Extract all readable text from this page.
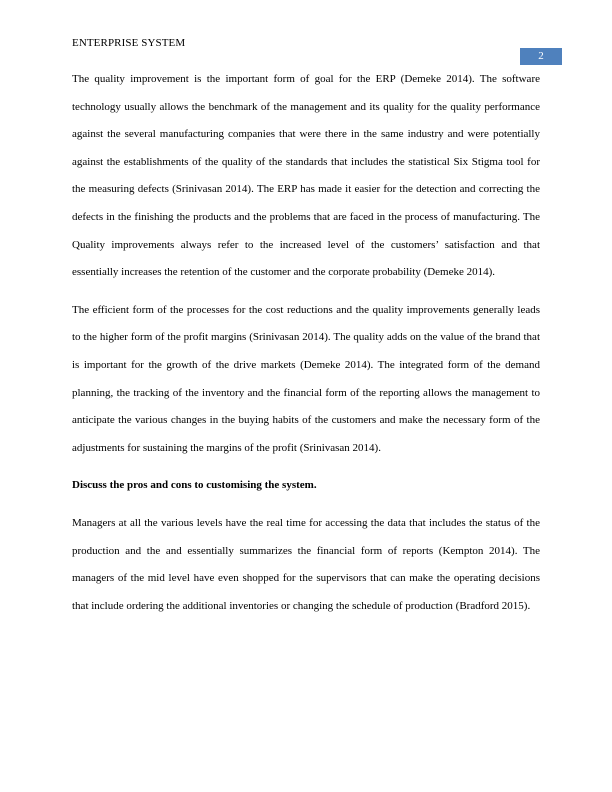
ENTERPRISE SYSTEM
2

The quality improvement is the important form of goal for the ERP (Demeke 2014). The software technology usually allows the benchmark of the management and its quality for the quality performance against the several manufacturing companies that were there in the same industry and were potentially against the establishments of the quality of the standards that includes the statistical Six Stigma tool for the measuring defects (Srinivasan 2014). The ERP has made it easier for the detection and correcting the defects in the finishing the products and the problems that are faced in the process of manufacturing. The Quality improvements always refer to the increased level of the customers’ satisfaction and that essentially increases the retention of the customer and the corporate probability (Demeke 2014).

The efficient form of the processes for the cost reductions and the quality improvements generally leads to the higher form of the profit margins (Srinivasan 2014). The quality adds on the value of the brand that is important for the growth of the drive markets (Demeke 2014). The integrated form of the demand planning, the tracking of the inventory and the financial form of the reporting allows the management to anticipate the various changes in the buying habits of the customers and make the necessary form of the adjustments for sustaining the margins of the profit (Srinivasan 2014).

Discuss the pros and cons to customising the system.

Managers at all the various levels have the real time for accessing the data that includes the status of the production and the and essentially summarizes the financial form of reports (Kempton 2014). The managers of the mid level have even shopped for the supervisors that can make the operating decisions that include ordering the additional inventories or changing the schedule of production (Bradford 2015).
